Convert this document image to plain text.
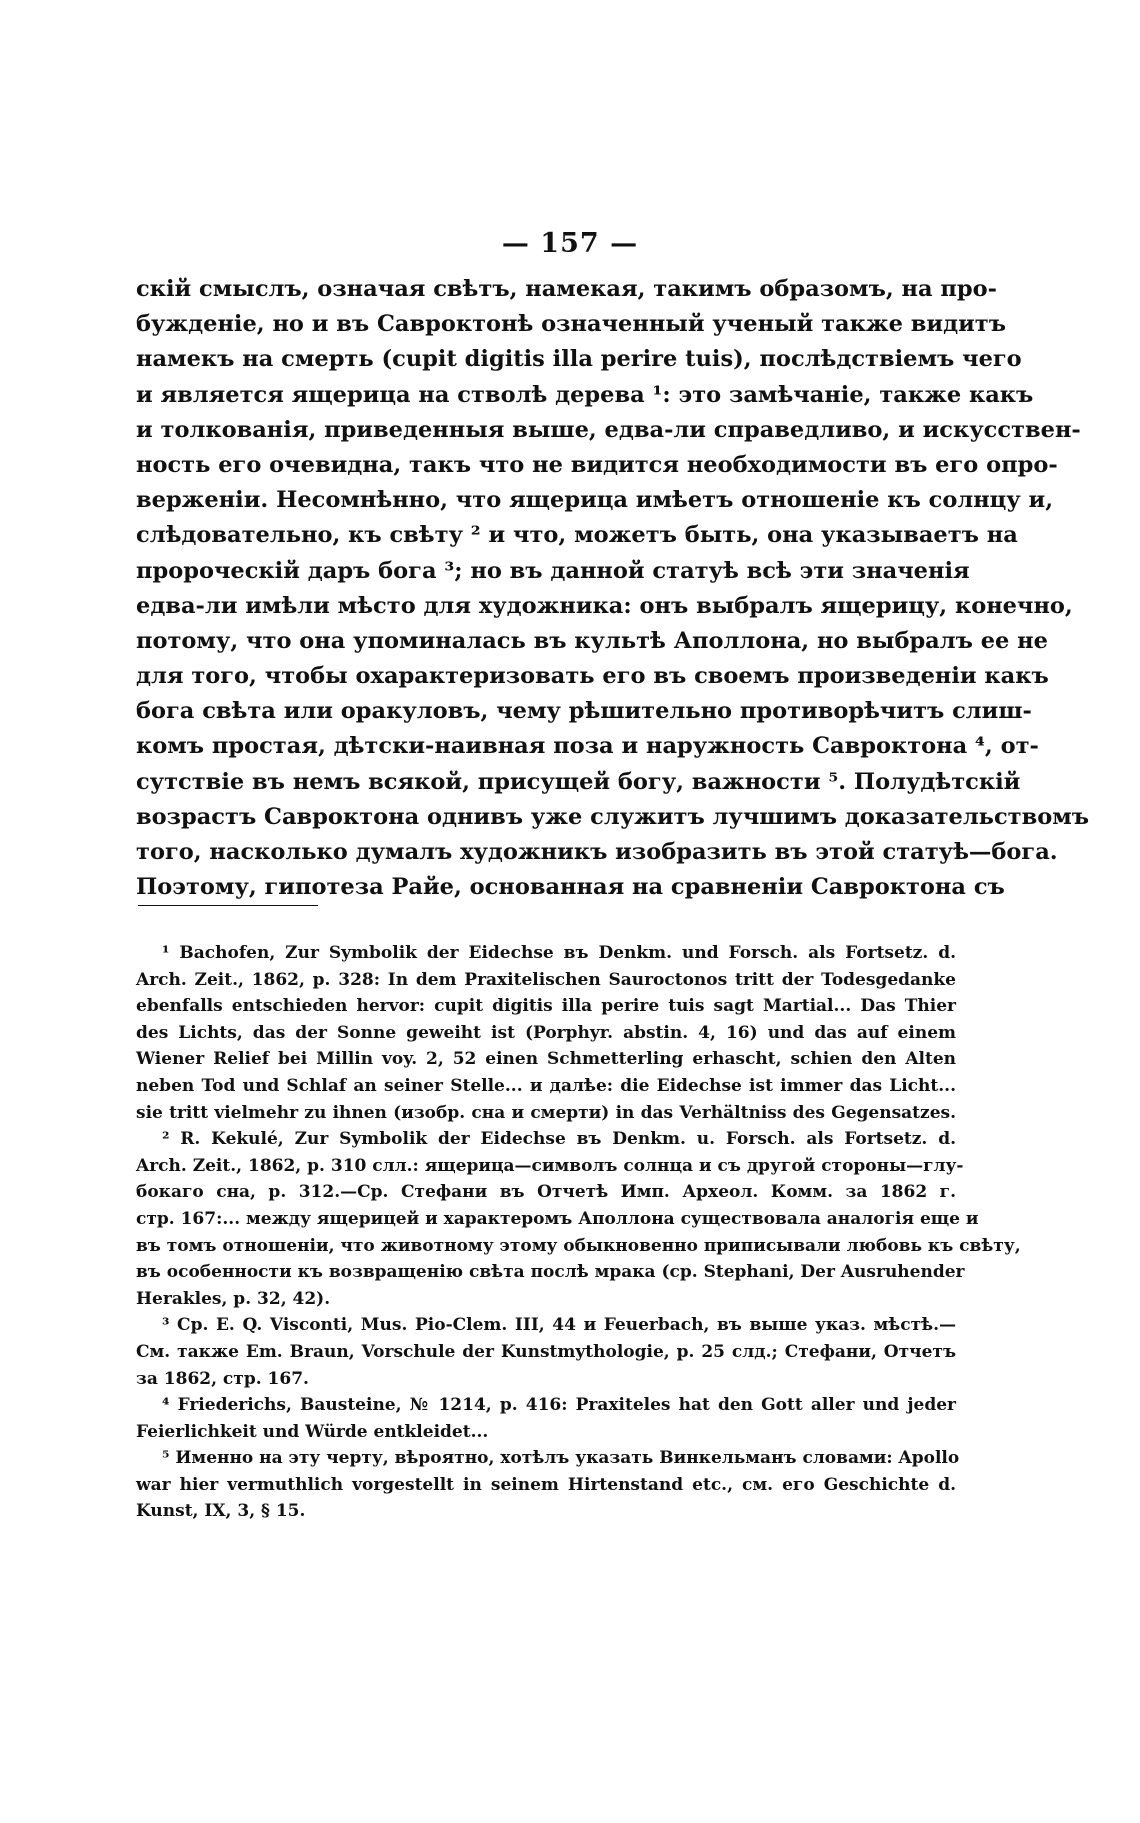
— 157 —
скій смыслъ, означая свѣтъ, намекая, такимъ образомъ, на про-
бужденіе, но и въ Савроктонѣ означенный ученый также видитъ
намекъ на смерть (cupit digitis illa perire tuis), послѣдствіемъ чего
и является ящерица на стволѣ дерева ¹: это замѣчаніе, также какъ
и толкованія, приведенныя выше, едва-ли справедливо, и искусствен-
ность его очевидна, такъ что не видится необходимости въ его опро-
верженіи. Несомнѣнно, что ящерица имѣетъ отношеніе къ солнцу и,
слѣдовательно, къ свѣту ² и что, можетъ быть, она указываетъ на
пророческій даръ бога ³; но въ данной статуѣ всѣ эти значенія
едва-ли имѣли мѣсто для художника: онъ выбралъ ящерицу, конечно,
потому, что она упоминалась въ культѣ Аполлона, но выбралъ ее не
для того, чтобы охарактеризовать его въ своемъ произведеніи какъ
бога свѣта или оракуловъ, чему рѣшительно противорѣчитъ слиш-
комъ простая, дѣтски-наивная поза и наружность Савроктона ⁴, от-
сутствіе въ немъ всякой, присущей богу, важности ⁵. Полудѣтскій
возрастъ Савроктона однивъ уже служитъ лучшимъ доказательствомъ
того, насколько думалъ художникъ изобразить въ этой статуѣ—бога.
Поэтому, гипотеза Райе, основанная на сравненіи Савроктона съ
¹ Bachofen, Zur Symbolik der Eidechse въ Denkm. und Forsch. als Fortsetz. d.
Arch. Zeit., 1862, p. 328: In dem Praxitelischen Sauroctonos tritt der Todesgedanke
ebenfalls entschieden hervor: cupit digitis illa perire tuis sagt Martial... Das Thier
des Lichts, das der Sonne geweiht ist (Porphyr. abstin. 4, 16) und das auf einem
Wiener Relief bei Millin voy. 2, 52 einen Schmetterling erhascht, schien den Alten
neben Tod und Schlaf an seiner Stelle... и далѣе: die Eidechse ist immer das Licht...
sie tritt vielmehr zu ihnen (изобр. сна и смерти) in das Verhältniss des Gegensatzes.
² R. Kekulé, Zur Symbolik der Eidechse въ Denkm. u. Forsch. als Fortsetz. d.
Arch. Zeit., 1862, p. 310 слл.: ящерица—символъ солнца и съ другой стороны—глу-
бокаго сна, p. 312.—Ср. Стефани въ Отчетѣ Имп. Археол. Комм. за 1862 г.
стр. 167:... между ящерицей и характеромъ Аполлона существовала аналогія еще и
въ томъ отношеніи, что животному этому обыкновенно приписывали любовь къ свѣту,
въ особенности къ возвращенію свѣта послѣ мрака (ср. Stephani, Der Ausruhender
Herakles, p. 32, 42).
³ Ср. E. Q. Visconti, Mus. Pio-Clem. III, 44 и Feuerbach, въ выше указ. мѣстѣ.—
См. также Em. Braun, Vorschule der Kunstmythologie, p. 25 слд.; Стефани, Отчетъ
за 1862, стр. 167.
⁴ Friederichs, Bausteine, № 1214, p. 416: Praxiteles hat den Gott aller und jeder
Feierlichkeit und Würde entkleidet...
⁵ Именно на эту черту, вѣроятно, хотѣлъ указать Винкельманъ словами: Apollo
war hier vermuthlich vorgestellt in seinem Hirtenstand etc., см. его Geschichte d.
Kunst, IX, 3, § 15.
